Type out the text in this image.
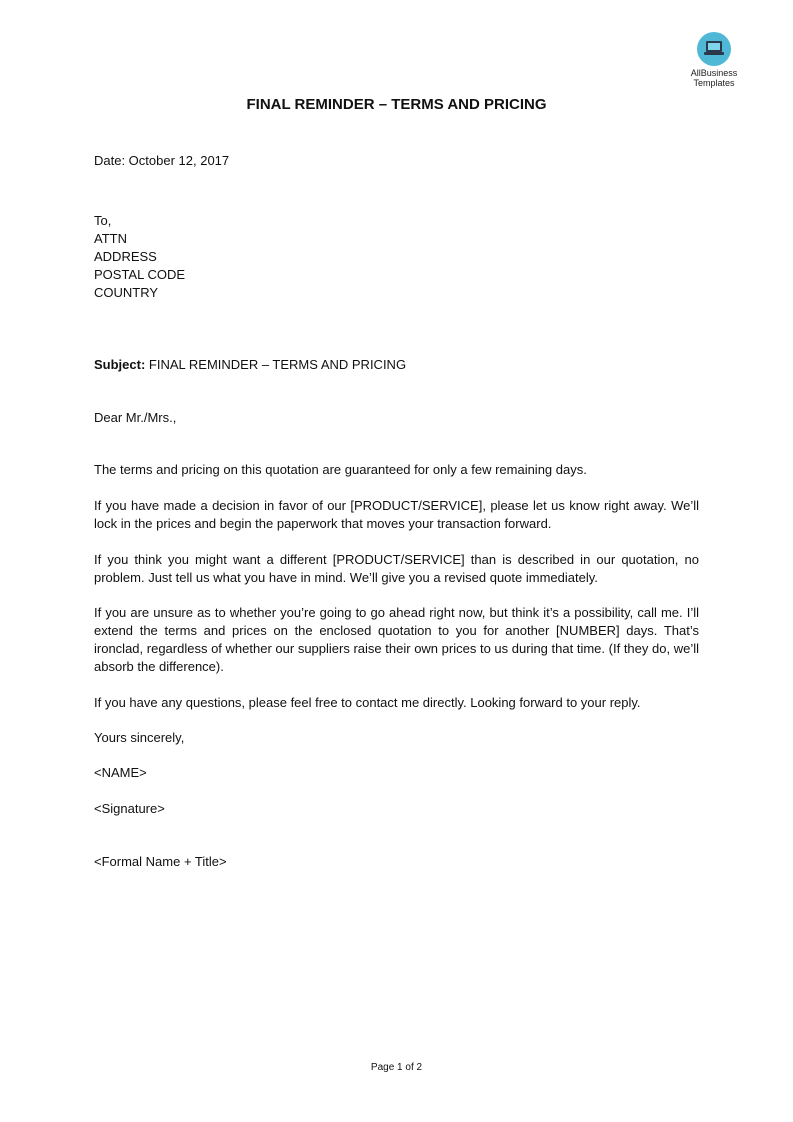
AllBusiness
Templates
FINAL REMINDER – TERMS AND PRICING
Date: October 12, 2017
To,
ATTN
ADDRESS
POSTAL CODE
COUNTRY
Subject: FINAL REMINDER – TERMS AND PRICING
Dear Mr./Mrs.,
The terms and pricing on this quotation are guaranteed for only a few remaining days.
If you have made a decision in favor of our [PRODUCT/SERVICE], please let us know right away. We’ll lock in the prices and begin the paperwork that moves your transaction forward.
If you think you might want a different [PRODUCT/SERVICE] than is described in our quotation, no problem. Just tell us what you have in mind. We’ll give you a revised quote immediately.
If you are unsure as to whether you’re going to go ahead right now, but think it’s a possibility, call me. I’ll extend the terms and prices on the enclosed quotation to you for another [NUMBER] days. That’s ironclad, regardless of whether our suppliers raise their own prices to us during that time. (If they do, we’ll absorb the difference).
If you have any questions, please feel free to contact me directly. Looking forward to your reply.
Yours sincerely,
<NAME>
<Signature>
<Formal Name + Title>
Page 1 of 2
